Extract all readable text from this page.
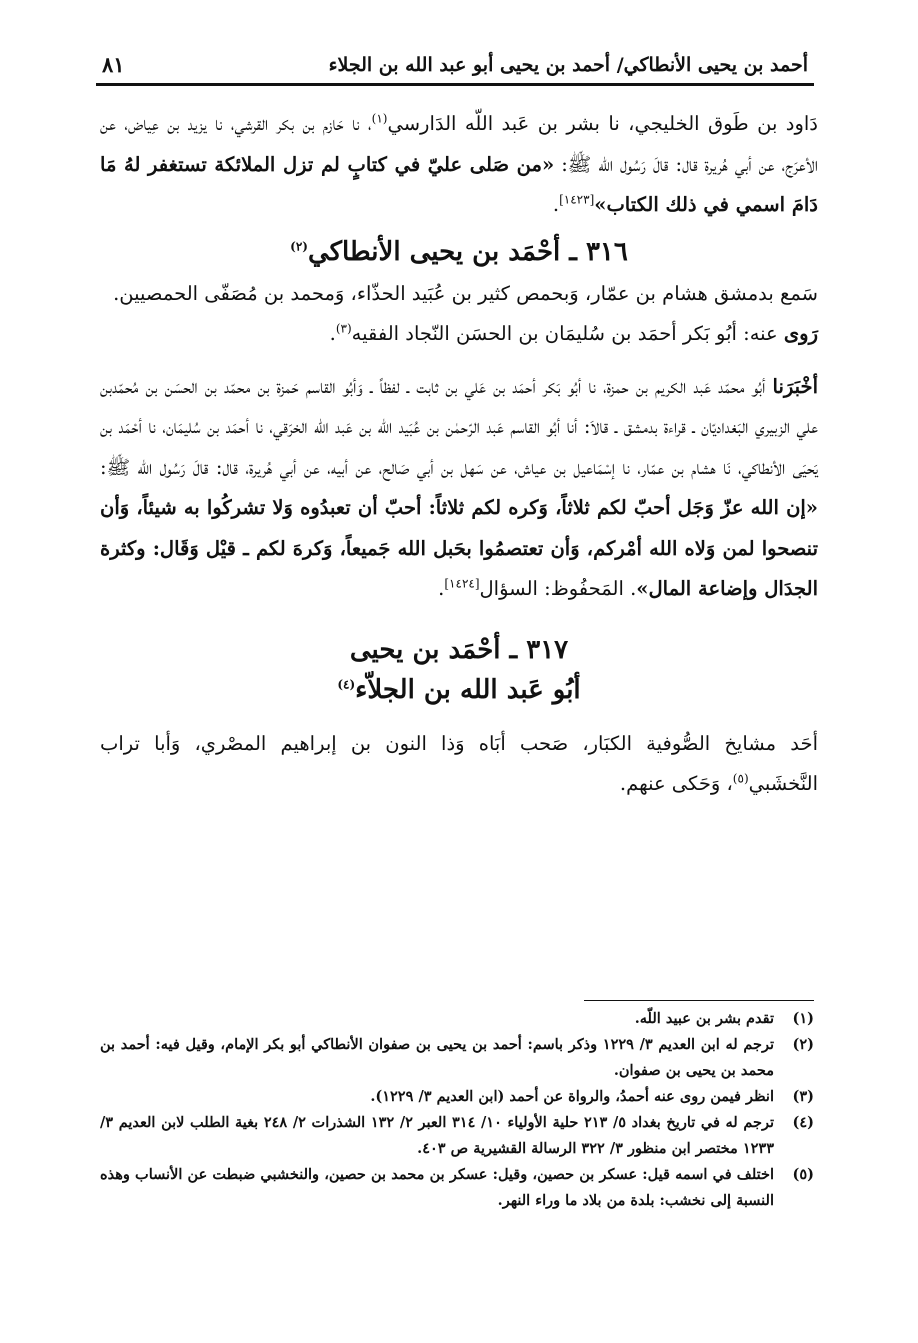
أحمد بن يحيى الأنطاكي/ أحمد بن يحيى أبو عبد الله بن الجلاء
٨١

دَاود بن طَوق الخليجي، نا بشر بن عَبد اللّه الدَارسي$^{(١)}$، نا حَازم بن بكر القرشي، نا يزيد بن عِياض، عن الأعرَج، عن أبي هُريرة قال: قالَ رَسُول الله ﷺ: «من صَلى عليّ في كتابٍ لم تزل الملائكة تستغفر لهُ مَا دَامَ اسمي في ذلك الكتاب»[١٤٢٣].

٣١٦ ـ أحْمَد بن يحيى الأنطاكي$^{(٢)}$

سَمع بدمشق هشام بن عمّار، وَبحمص كثير بن عُبَيد الحذّاء، وَمحمد بن مُصَفّى الحمصيين.

رَوى عنه: أبُو بَكر أحمَد بن سُليمَان بن الحسَن النّجاد الفقيه$^{(٣)}$.

أخْبَرَنا أبُو محمّد عَبد الكريم بن حمزة، نا أبُو بَكر أحمَد بن عَلي بن ثابت ـ لفظاً ـ وَأبُو القاسم حَمزة بن محمّد بن الحسَن بن مُحمّدبن علي الزبيري البَغداديّان ـ قراءة بدمشق ـ قالاَ: أنا أبُو القاسم عَبد الرّحمٰن بن عُبَيد اللّه بن عَبد اللّه الخرَقي، نا أحمَد بن سُليمَان، نا أحْمَد بن يَحيَى الأنطاكي، نَا هشام بن عمّار، نا إسْمَاعيل بن عياش، عن سَهل بن أبي صَالح، عن أبيه، عن أبي هُريرة، قال: قالَ رَسُول الله ﷺ: «إن الله عزّ وَجَل أحبّ لكم ثلاثاً، وَكره لكم ثلاثاً: أحبّ أن تعبدُوه وَلا تشركُوا به شيئاً، وَأن تنصحوا لمن وَلاه الله أمْركم، وَأن تعتصمُوا بحَبل الله جَميعاً، وَكرهَ لكم ـ قيْل وَقَال: وكثرة الجدَال وإضاعة المال». المَحفُوظ: السؤال[١٤٢٤].

٣١٧ ـ أحْمَد بن يحيى
أبُو عَبد الله بن الجلاّء$^{(٤)}$

أحَد مشايخ الصُّوفية الكبَار، صَحب أبَاه وَذا النون بن إبراهيم المصْري، وَأبا تراب النَّخشَبي$^{(٥)}$، وَحَكى عنهم.

(١)
تقدم بشر بن عبيد اللّه.
(٢)
ترجم له ابن العديم ٣/ ١٢٢٩ وذكر باسم: أحمد بن يحيى بن صفوان الأنطاكي أبو بكر الإمام، وقيل فيه: أحمد بن محمد بن يحيى بن صفوان.
(٣)
انظر فيمن روى عنه أحمدُ، والرواة عن أحمد (ابن العديم ٣/ ١٢٢٩).
(٤)
ترجم له في تاريخ بغداد ٥/ ٢١٣ حلية الأولياء ١٠/ ٣١٤ العبر ٢/ ١٣٢ الشذرات ٢/ ٢٤٨ بغية الطلب لابن العديم ٣/ ١٢٣٣ مختصر ابن منظور ٣/ ٣٢٢ الرسالة القشيرية ص ٤٠٣.
(٥)
اختلف في اسمه قيل: عسكر بن حصين، وقيل: عسكر بن محمد بن حصين، والنخشبي ضبطت عن الأنساب وهذه النسبة إلى نخشب: بلدة من بلاد ما وراء النهر.
